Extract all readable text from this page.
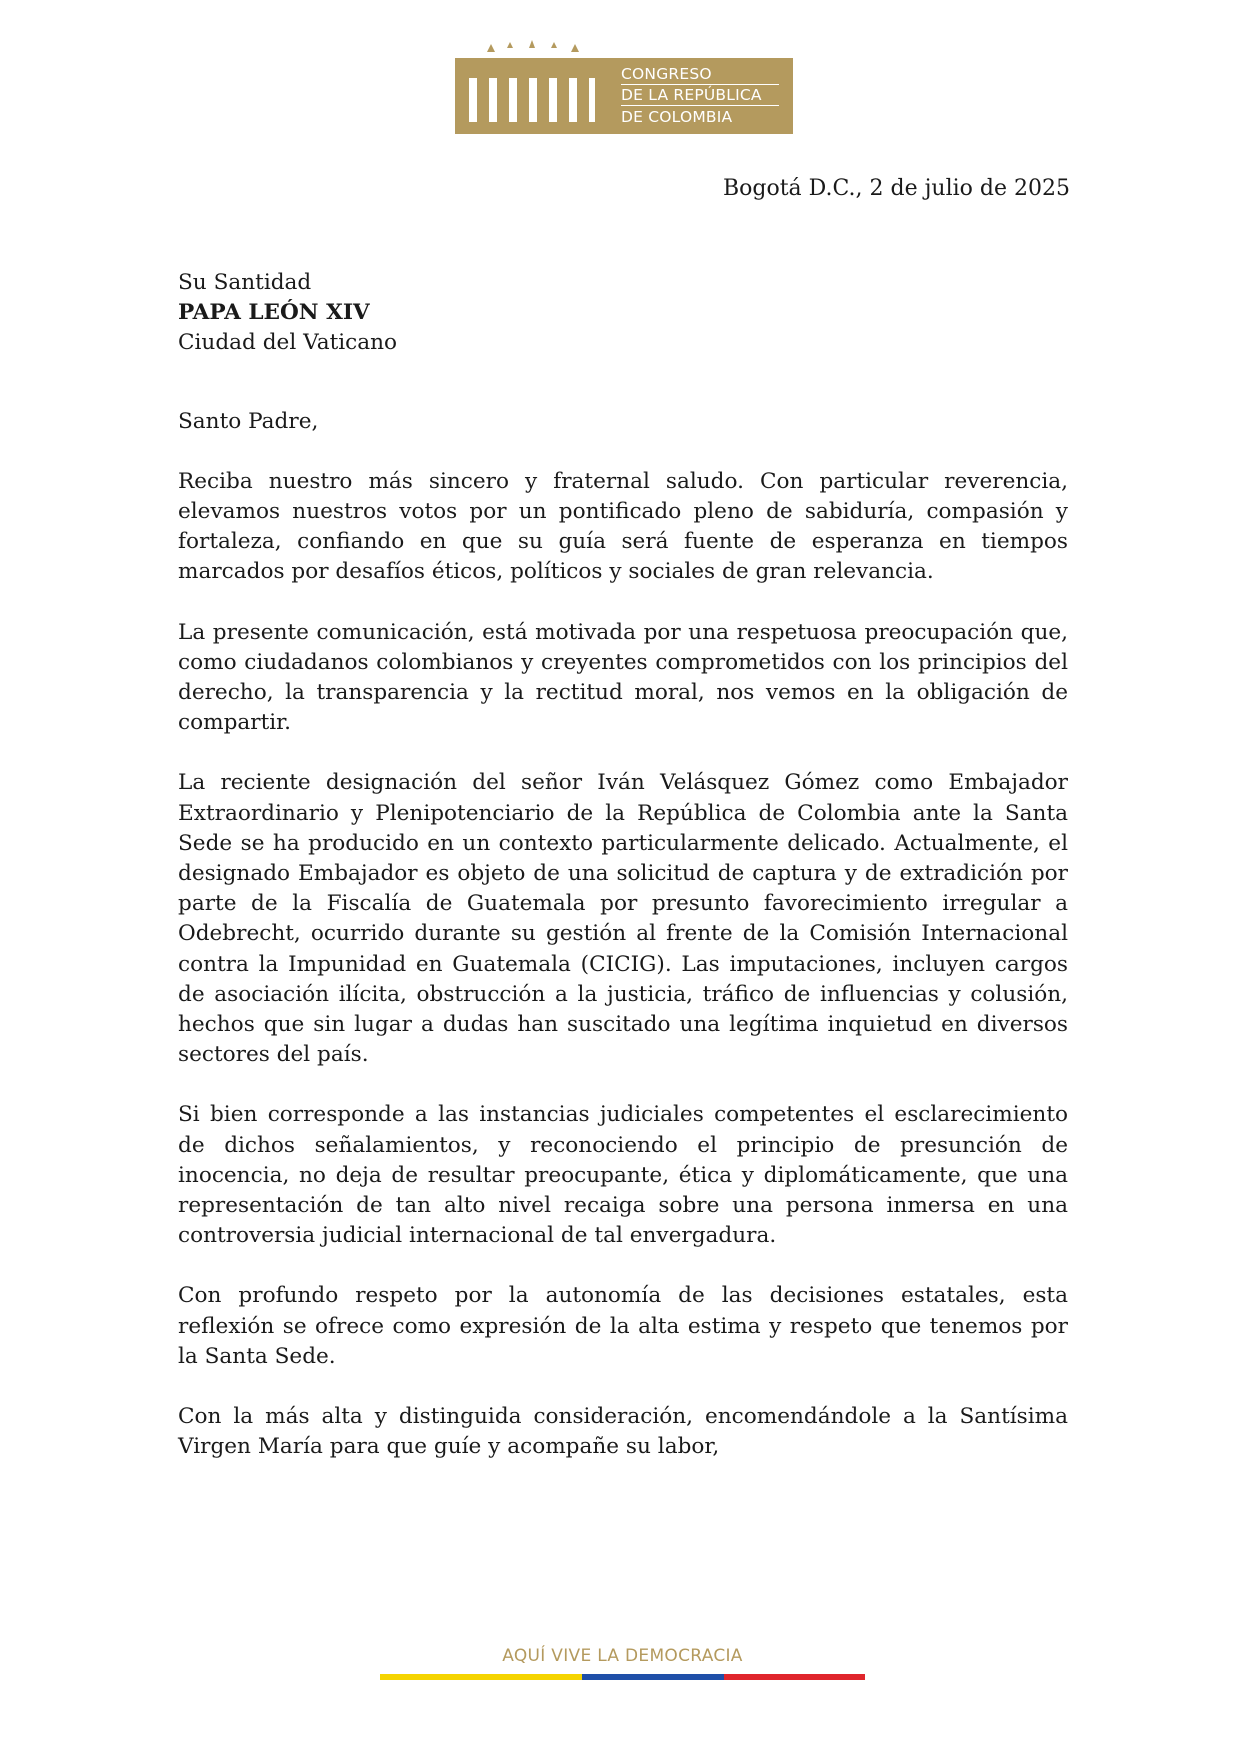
CONGRESO
DE LA REPÚBLICA
DE COLOMBIA
Bogotá D.C., 2 de julio de 2025

Su Santidad

PAPA LEÓN XIV

Ciudad del Vaticano

Santo Padre,

Reciba nuestro más sincero y fraternal saludo. Con particular reverencia, elevamos nuestros votos por un pontificado pleno de sabiduría, compasión y fortaleza, confiando en que su guía será fuente de esperanza en tiempos marcados por desafíos éticos, políticos y sociales de gran relevancia.

La presente comunicación, está motivada por una respetuosa preocupación que, como ciudadanos colombianos y creyentes comprometidos con los principios del derecho, la transparencia y la rectitud moral, nos vemos en la obligación de compartir.

La reciente designación del señor Iván Velásquez Gómez como Embajador Extraordinario y Plenipotenciario de la República de Colombia ante la Santa Sede se ha producido en un contexto particularmente delicado. Actualmente, el designado Embajador es objeto de una solicitud de captura y de extradición por parte de la Fiscalía de Guatemala por presunto favorecimiento irregular a Odebrecht, ocurrido durante su gestión al frente de la Comisión Internacional contra la Impunidad en Guatemala (CICIG). Las imputaciones, incluyen cargos de asociación ilícita, obstrucción a la justicia, tráfico de influencias y colusión, hechos que sin lugar a dudas han suscitado una legítima inquietud en diversos sectores del país.

Si bien corresponde a las instancias judiciales competentes el esclarecimiento de dichos señalamientos, y reconociendo el principio de presunción de inocencia, no deja de resultar preocupante, ética y diplomáticamente, que una representación de tan alto nivel recaiga sobre una persona inmersa en una controversia judicial internacional de tal envergadura.

Con profundo respeto por la autonomía de las decisiones estatales, esta reflexión se ofrece como expresión de la alta estima y respeto que tenemos por la Santa Sede.

Con la más alta y distinguida consideración, encomendándole a la Santísima Virgen María para que guíe y acompañe su labor,

AQUÍ VIVE LA DEMOCRACIA
